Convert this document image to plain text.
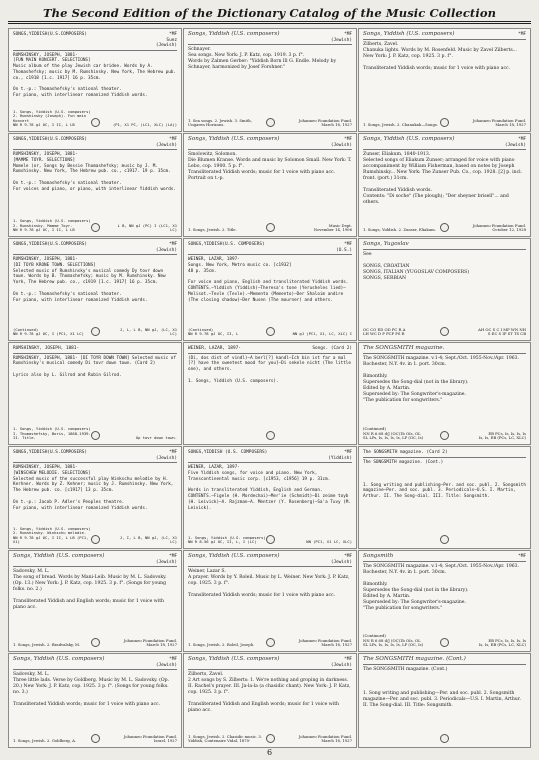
The Second Edition of the Dictionary Catalog of the Music Collection
SONGS,YIDDISH(U.S.COMPOSERS)	*MF
Suez
(Jewish)
RUMSHINSKY, JOSEPH, 1881-
[FUN MAIN KONCERT. SELECTIONS]
Music album of the play Jewish car bridee. Words by A. Thomashefsky; music by M. Rumshinsky. New York, The Hebrew pub. co., c1918 [1.c. 1917] 16 p. 35cm.

On t.-p.: Thomashefsky's national theater.
For piano, with interlinear romanized Yiddish words.
1. Songs, Yiddish (U.S. composers) 2. Rumshinsky (Joseph). Fun mein Koncert
NN R 9.78 gJ OC, I II, L LB	(P1, X1 PC, (LC1, XLC) (LA))
Songs, Yiddish (U.S. composers)	*MF
(Jewish)
Schnayer.
Sea songs. New York: J. P. Katz, cop. 1919. 3 p. f°.
Words by Zalmen Gerber: "Yiddish Born Ill G. Endle. Melody by Schnayer, harmonized by Josef Forshner."
1. Sea songs. 2. Jewish. 3. Smith, Ungaren Horizons.
Johanneo Foundation Fund.
March 18, 1927
Songs, Yiddish (U.S. composers)	*MF
Zilberts, Zavel.
Chanuka lights. Words by M. Rosenfeld. Music by Zavel Zilberts... New York: J. P. Katz, cop. 1925. 3 p. f°.

Transliterated Yiddish words; music for 1 voice with piano acc.
1. Songs, Jewish. 2. Chanukah—Songs.
Johanneo Foundation Fund.
March 18, 1927
SONGS,YIDDISH(U.S.COMPOSERS)	*MF
(Jewish)
RUMSHINSKY, JOSEPH, 1881-
[MAMME TOYR. SELECTIONS]
Momele (or, Songs by Bessie Thomashefsky; music by J. M. Rumshinsky. New York, The Hebrew pub. co., c1917. 19 p. 35cm.

On t.-p.: Thomashefsky's national theater.
For voices and piano, or piano, with interlinear Yiddish words.
1. Songs, Yiddish (U.S. composers) 2. Rumshinsky. Mamme Toyr.
NN R 9.78 gJ OC, I II, L LB
L B, NN gJ (PC) I (LC1, X1 LC)
Songs, Yiddish (U.S. composers)	*MF
(Jewish)
Smolowitz, Solomon.
Die Blumen Kranse. Words and music by Solomon Small. New York: T. Lebo, cop. 1900. 5 p. f°.
Transliterated Yiddish words; music for 1 voice with piano acc.
Portrait on t.-p.
1. Songs, Jewish. 2. Title.
Music Dept.
November 14, 1906
Songs, Yiddish (U.S. composers)	*MF
(Jewish)
Zunser, Eliakum, 1840-1913.
Selected songs of Eliakum Zunser; arranged for voice with piano accompaniment by William Fisherman, based on notes by Joseph Rumshinsky... New York: The Zunser Pub. Co., cop. 1928. [2] p. incl. front. (port.) 31cm.

Transliterated Yiddish words.
Contents: "Di soche" (The plough); "Der sheyner brisell"... and others.
1. Songs, Yiddish. 2. Zunser, Eliakum.
Johanneo Foundation Fund.
October 12, 1928
SONGS,YIDDISH(U.S.COMPOSERS)	*MF
(Jewish)
RUMSHINSKY, JOSEPH, 1881-
[DI TOYB KRONE TOWN. SELECTIONS]
Selected music of Rumshinsky's musical comedy Dy tovr down town. Words by B. Thomashefsky; music by M. Rumshinsky. New York, The Hebrew pub. co., c1919 [1.c. 1917] 16 p. 35cm.

On t.-p.: Thomashefsky's national theater.
For piano, with interlinear romanized Yiddish words.
(Continued)
NN R 9.78 gJ OC, I (PC1, X1 LC)
J, L, L B, NN gJ, (LC, X1 LC)
SONGS,YIDDISH(U.S. COMPOSERS)	*MF
(U.S.)
WEINER, LAZAR, 1897-
Songs. New York, Metro music co. [c1932]
48 p. 35cm.

For voice and piano, English and transliterated Yiddish words.
CONTENTS.—Yiddish (Yiddish)—Theresa's tone (Yerusheles lied)—Melisot.—Tevle (Tevle).—Memento (Memento)—Der Shaloim andire (The closing shadow)—Der Nusen (The mourner) and others.
(Continued)
NN R 9.78 gJ OC, II, L	NN gJ (PC1, X1, LC, XLC) I
Songs, Yugoslav
See

SONGS, CROATIAN
SONGS, ITALIAN (YUGOSLAV COMPOSERS)
SONGS, SERBIAN
OC CO ED OD PC R A
LH WC D P PCP PS R
AH OC S C I MP WN NH
S EC S IP ST TS CB
RUMSHINSKY, JOSEPH, 1881-
RUMSHINSKY, JOSEPH, 1881- [DI TOYR DOWN TOWN] Selected music of Rumshinsky's musical comedy Di tovr down town. (Card 2)

Lyrics also by L. Gilrod and Rubin Gilrod.
1. Songs, Yiddish (U.S. composers) I. Thomashefsky, Boris, 1868-1939. II. Title.	Up tovr down town.
WEINER, LAZAR, 1897-	Songs. (Card 2)
(Di, dos dist of vindl)—A berl[?] kandl—Ich bin ist far a mal [?] have the sweetest mood for you]—Di sekele nicht (The little one), and others.

1. Songs, Yiddish (U.S. composers).
The SONGSMITH magazine.
The SONGSMITH magazine. v.1-4; Sept./Oct. 1955-Nov./Apr. 1963. Rochester, N.Y. 4v. in 1. port. 30cm.

Bimonthly.
Supersedes the Song-dial (not in the library).
Edited by A. Martin.
Superseded by: The Songwriter's-magazine.
"The publication for songwriters."
(Continued)
NN R 6.68 d/J (OC)1b OIs, OL
SL LPs, Is, Is, Is, Is, LP (OC, Is)
EB PCs, Is, Is, Is, Is
Is, Is, EB (PCs, LC, XLC)
SONGS,YIDDISH(U.S.COMPOSERS)	*MF
(Jewish)
RUMSHINSKY, JOSEPH, 1881-
[WINSCHEW MELODIE. SELECTIONS]
Selected music of the successful play Winkschu melodie by H. Kerhner. Words by Z. Kehner; music by J. Rumshinsky. New York, The Hebrew pub. co. [c1917] 13 p. 35cm.

On t.-p.: Jacob P. Adler's Peoples theatre.
For piano, with interlinear romanized Yiddish words.
1. Songs, Yiddish (U.S. composers) 2. Rumshinsky. Winkschu melodie.
NN R 9.78 gJ OC, I II, L LB (PC1, X1)
J, I, L B, NN gJ, (LC, X1 LC)
SONGS,YIDDISH (U.S. COMPOSERS)	*MF
(Yiddish)
WEINER, LAZAR, 1897-
Five Yiddish songs, for voice and piano. New York, Transcontinental music corp. [c1953, c1956] 19 p. 31cm.

Words in transliterated Yiddish, English and German.
CONTENTS.—Figele (H. Mordechai)—Mer'ie (Schmidt)—Di zeime toyb (H. Leivick)—A. Rajzman—A. Mentzer (Y. Rosenberg)—Sa'a Tuvy (M. Leivick).
1. Songs, Yiddish (U.S. composers)
NN R 8.56 gJ OC, II, L, I (LC)	NN (PC1, X1 LC, XLC)
The SONGSMITH magazine. (Card 2)
The SONGSMITH magazine. (Cont.)

1. Song writing and publishing—Per. and soc. publ. 2. Songsmith magazine—Per. and soc. publ. 3. Periodicals—U.S. I. Martin, Arthur. II. The Song-dial. III. Title: Songsmith.
Songs, Yiddish (U.S. composers)	*MF
(Jewish)
Sadovsky, M. L.
The song of bread. Words by Mani-Leib. Music by M. L. Sadovsky. (Op. 13.) New York: J. P. Katz, cop. 1925. 3 p. f°. (Songs for young folks. no. 2.)

Transliterated Yiddish and English words; music for 1 voice with piano acc.
1. Songs, Jewish. 2. Bradvalsky, M.
Johanneo Foundation Fund.
March 18, 1927
Songs, Yiddish (U.S. composers)	*MF
(Jewish)
Weiner, Lazar S.
A prayer. Words by Y. Roleil. Music by L. Weiner. New York: J. P. Katz, cop. 1925. 3 p. f°.

Transliterated Yiddish words; music for 1 voice with piano acc.
1. Songs, Jewish. 2. Roleil, Joseph.
Johanneo Foundation Fund.
March 18, 1927
Songsmith	*MF
The SONGSMITH magazine. v.1-4; Sept./Oct. 1955-Nov./Apr. 1963. Rochester, N.Y. 4v. in 1. port. 30cm.

Bimonthly.
Supersedes the Song-dial (not in the library).
Edited by A. Martin.
Superseded by: The Songwriter's-magazine.
"The publication for songwriters."
(Continued)
NN R 6.68 d/J (OC)1b OIs, OL
SL LPs, Is, Is, Is, Is, LP (OC, Is)
EB PCs, Is, Is, Is, Is
Is, Is, EB (PCs, LC, XLC)
Songs, Yiddish (U.S. composers)	*MF
(Jewish)
Sadovsky, M. L.
Three little lads. Verse by Goldberg. Music by M. L. Sadovsky. (Op. 20.) New York: J. P. Katz, cop. 1925. 3 p. f°. (Songs for young folks. no. 3.)

Transliterated Yiddish words; music for 1 voice with piano acc.
1. Songs, Jewish. 2. Goldberg, A.
Johanneo Foundation Fund.
Israel, 1927
Songs, Yiddish (U.S. composers)	*MF
(Jewish)
Zilberts, Zavel.
2 Art songs by S. Zilberts: 1. We're nothing and groping in darkness. II. Rachel's prayer. III. Ja-la-la (a chasidic chant). New York: J. P. Katz, cop. 1925. 3 p. f°.

Transliterated Yiddish and English words; music for 1 voice with piano acc.
1. Songs, Jewish. 2. Chasidic music. 3. Yiddish, Contenaire Vidal, 1870-
Johanneo Foundation Fund.
March 18, 1927
The SONGSMITH magazine. (Cont.)
The SONGSMITH magazine. (Cont.)

1. Song writing and publishing—Per. and soc. publ. 2. Songsmith magazine—Per. and soc. publ. 3. Periodicals—U.S. I. Martin, Arthur. II. The Song-dial. III. Title: Songsmith.
6
